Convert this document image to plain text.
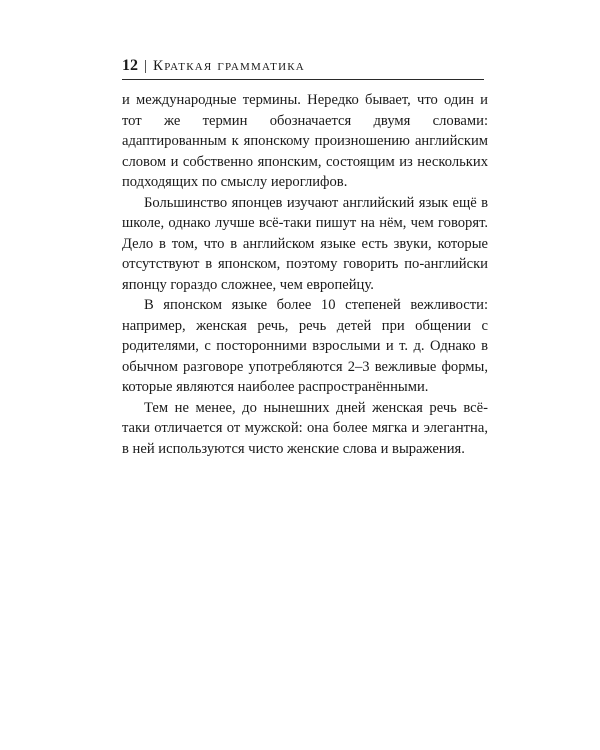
12 | Краткая грамматика

и международные термины. Нередко бывает, что один и тот же термин обозначается двумя словами: адаптированным к японскому произношению английским словом и собственно японским, состоящим из нескольких подходящих по смыслу иероглифов.

Большинство японцев изучают английский язык ещё в школе, однако лучше всё-таки пишут на нём, чем говорят. Дело в том, что в английском языке есть звуки, которые отсутствуют в японском, поэтому говорить по-английски японцу гораздо сложнее, чем европейцу.

В японском языке более 10 степеней вежливости: например, женская речь, речь детей при общении с родителями, с посторонними взрослыми и т. д. Однако в обычном разговоре употребляются 2–3 вежливые формы, которые являются наиболее распространёнными.

Тем не менее, до нынешних дней женская речь всё-таки отличается от мужской: она более мягка и элегантна, в ней используются чисто женские слова и выражения.
